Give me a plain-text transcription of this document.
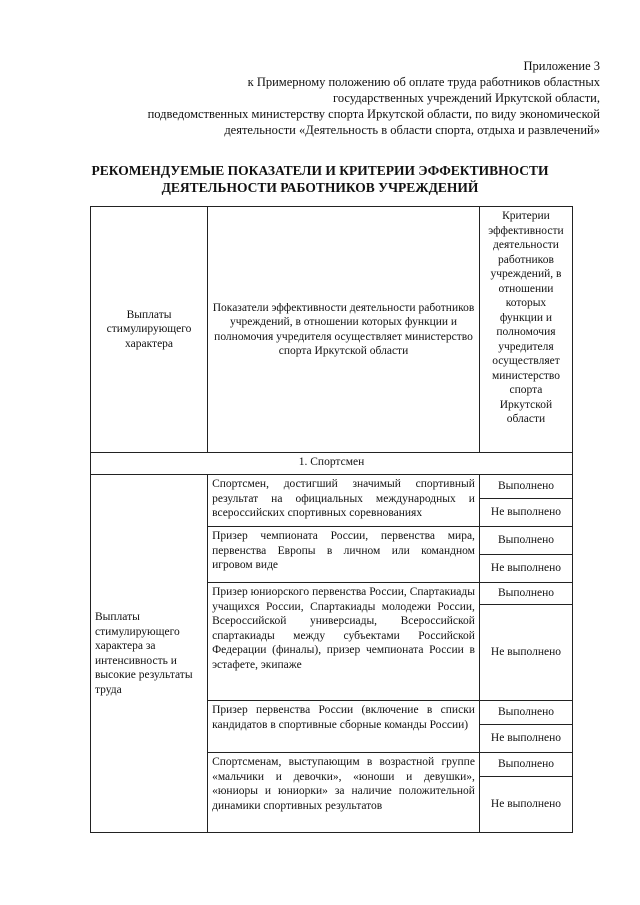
Приложение 3
к Примерному положению об оплате труда работников областных
государственных учреждений Иркутской области,
подведомственных министерству спорта Иркутской области, по виду экономической
деятельности «Деятельность в области спорта, отдыха и развлечений»
РЕКОМЕНДУЕМЫЕ ПОКАЗАТЕЛИ И КРИТЕРИИ ЭФФЕКТИВНОСТИ
ДЕЯТЕЛЬНОСТИ РАБОТНИКОВ УЧРЕЖДЕНИЙ
Выплаты стимулирующего характера	Показатели эффективности деятельности работников учреждений, в отношении которых функции и полномочия учредителя осуществляет министерство спорта Иркутской области	Критерии эффективности деятельности работников учреждений, в отношении которых функции и полномочия учредителя осуществляет министерство спорта Иркутской области
1. Спортсмен		
Выплаты стимулирующего характера за интенсивность и высокие результаты труда	Спортсмен, достигший значимый спортивный результат на официальных международных и всероссийских спортивных соревнованиях	Выполнено
		Не выполнено
	Призер чемпионата России, первенства мира, первенства Европы в личном или командном игровом виде	Выполнено
		Не выполнено
	Призер юниорского первенства России, Спартакиады учащихся России, Спартакиады молодежи России, Всероссийской универсиады, Всероссийской спартакиады между субъектами Российской Федерации (финалы), призер чемпионата России в эстафете, экипаже	Выполнено
		Не выполнено
	Призер первенства России (включение в списки кандидатов в спортивные сборные команды России)	Выполнено
		Не выполнено
	Спортсменам, выступающим в возрастной группе «мальчики и девочки», «юноши и девушки», «юниоры и юниорки» за наличие положительной динамики спортивных результатов	Выполнено
		Не выполнено
